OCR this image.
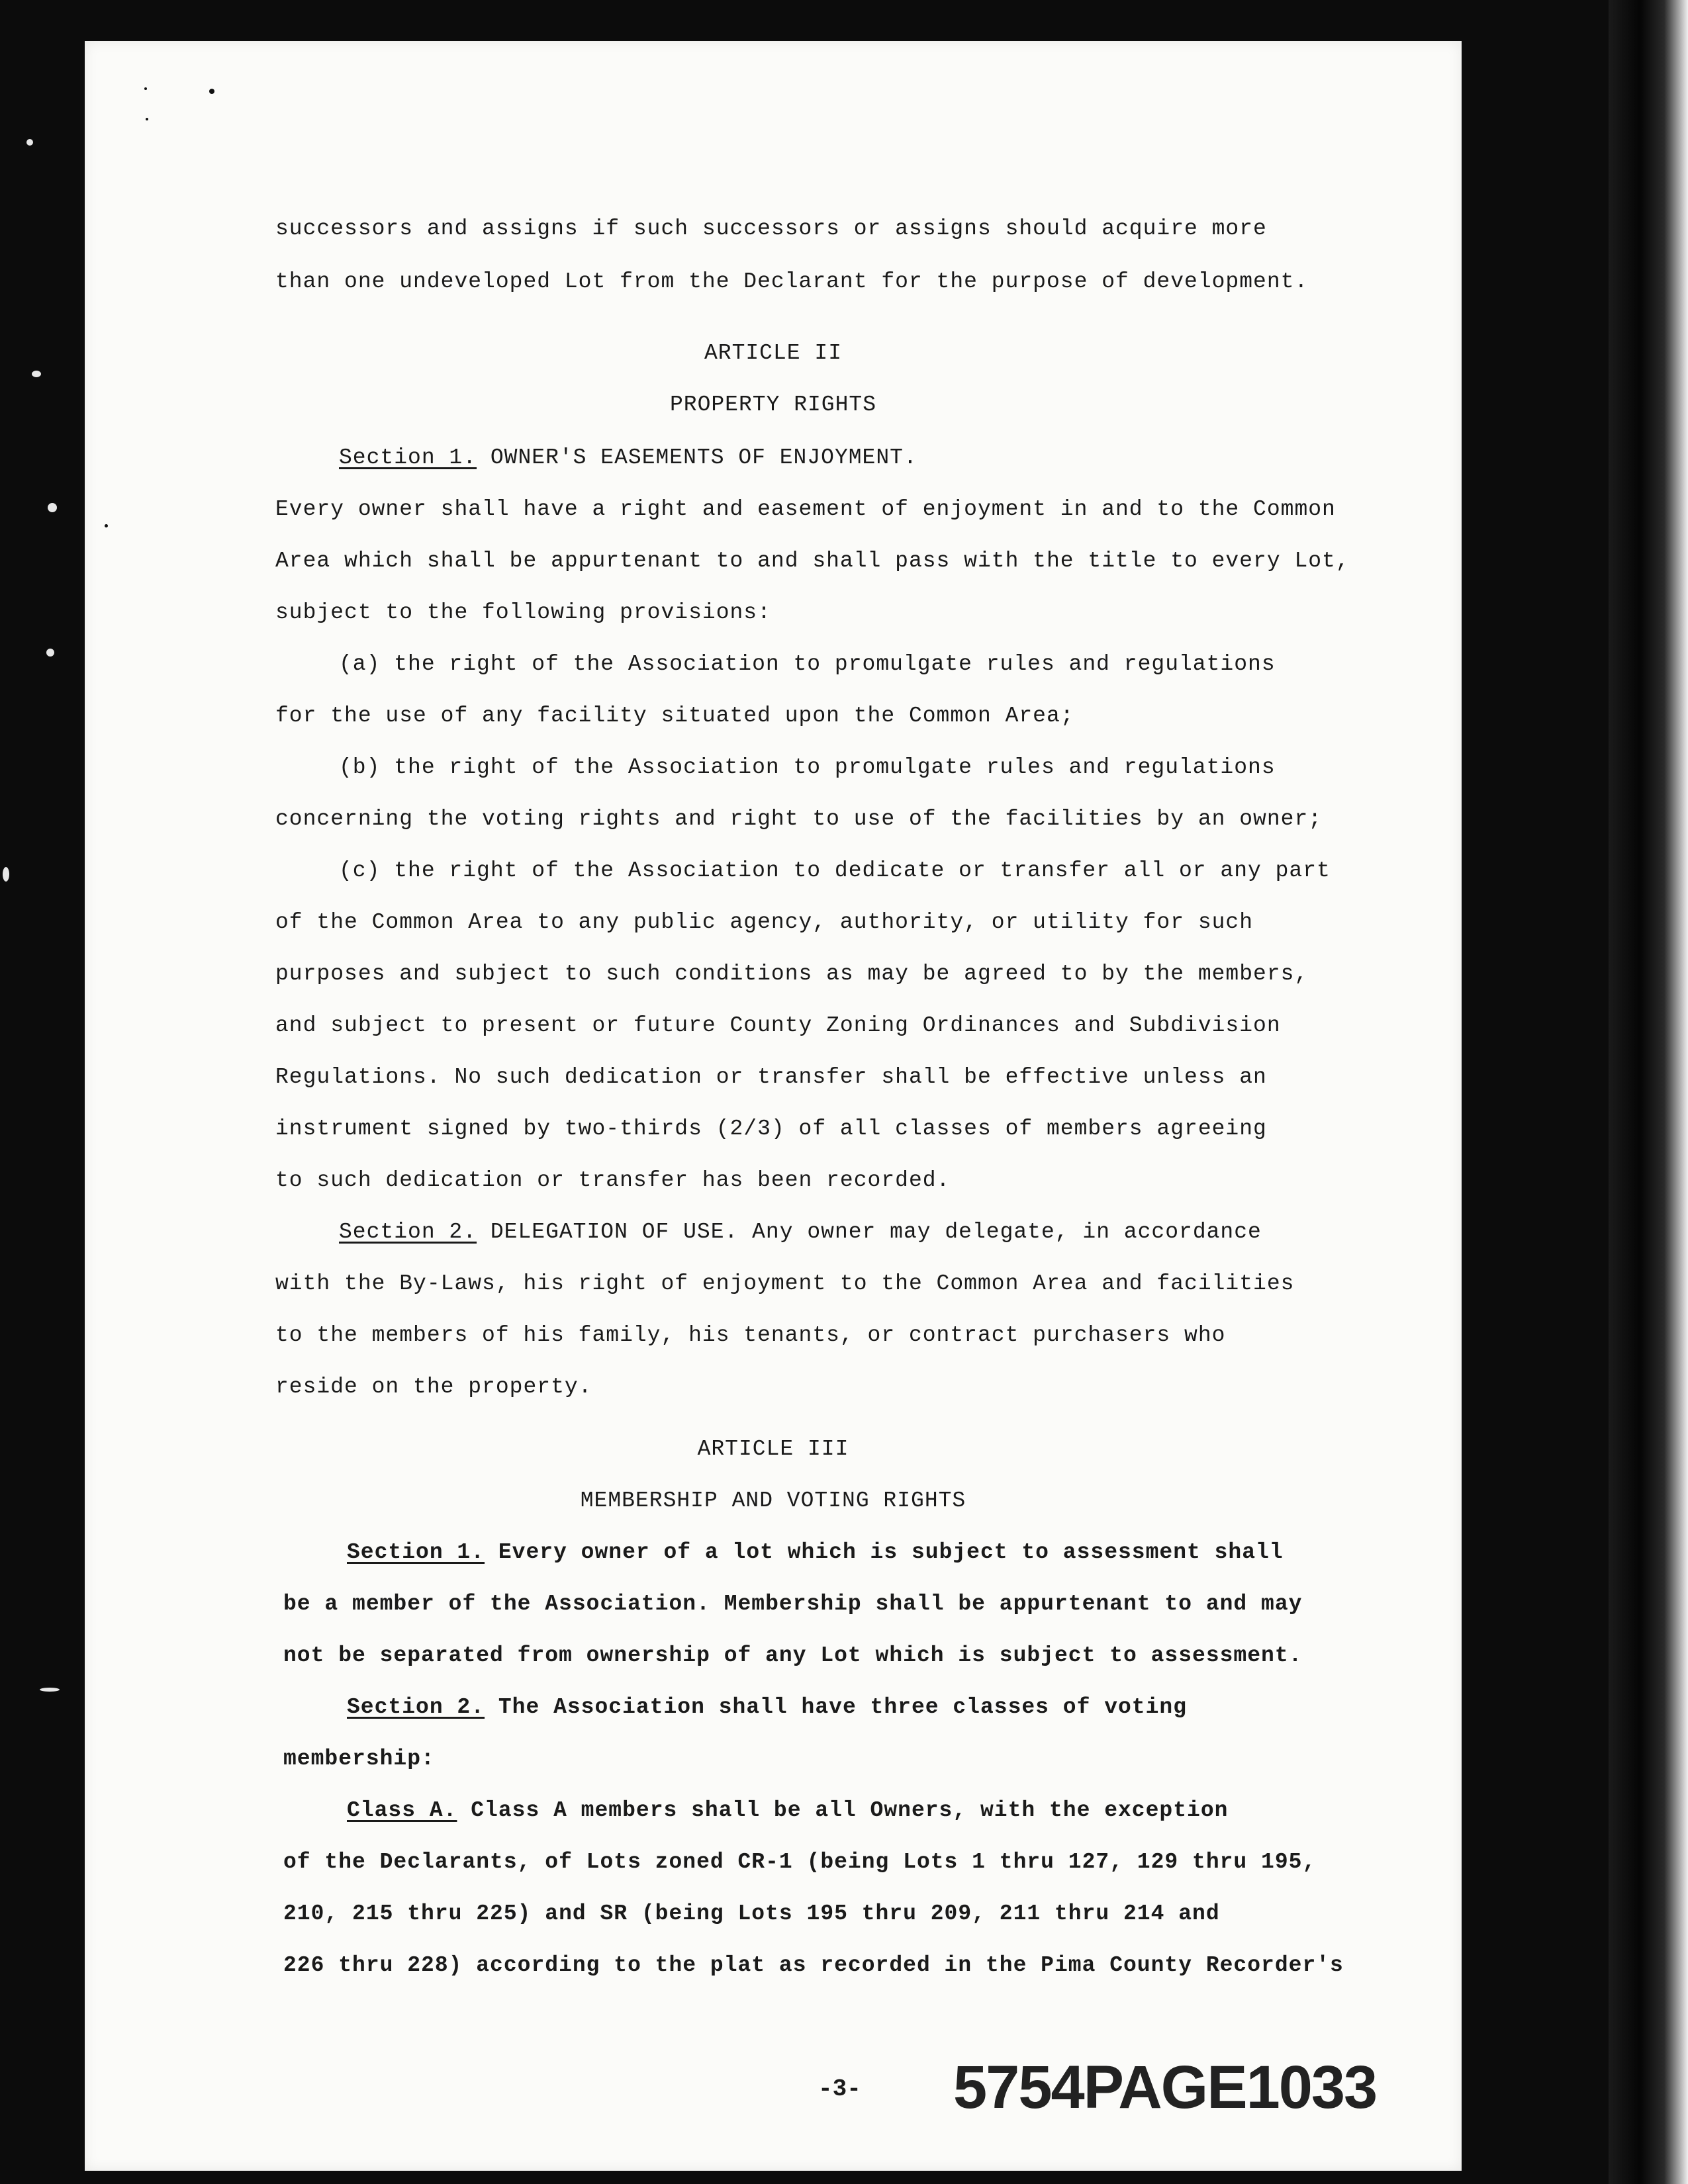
successors and assigns if such successors or assigns should acquire more
than one undeveloped Lot from the Declarant for the purpose of development.
ARTICLE II
PROPERTY RIGHTS
Section 1. OWNER'S EASEMENTS OF ENJOYMENT.
Every owner shall have a right and easement of enjoyment in and to the Common
Area which shall be appurtenant to and shall pass with the title to every Lot,
subject to the following provisions:
(a) the right of the Association to promulgate rules and regulations
for the use of any facility situated upon the Common Area;
(b) the right of the Association to promulgate rules and regulations
concerning the voting rights and right to use of the facilities by an owner;
(c) the right of the Association to dedicate or transfer all or any part
of the Common Area to any public agency, authority, or utility for such
purposes and subject to such conditions as may be agreed to by the members,
and subject to present or future County Zoning Ordinances and Subdivision
Regulations. No such dedication or transfer shall be effective unless an
instrument signed by two-thirds (2/3) of all classes of members agreeing
to such dedication or transfer has been recorded.
Section 2. DELEGATION OF USE. Any owner may delegate, in accordance
with the By-Laws, his right of enjoyment to the Common Area and facilities
to the members of his family, his tenants, or contract purchasers who
reside on the property.
ARTICLE III
MEMBERSHIP AND VOTING RIGHTS
Section 1. Every owner of a lot which is subject to assessment shall
be a member of the Association. Membership shall be appurtenant to and may
not be separated from ownership of any Lot which is subject to assessment.
Section 2. The Association shall have three classes of voting
membership:
Class A. Class A members shall be all Owners, with the exception
of the Declarants, of Lots zoned CR-1 (being Lots 1 thru 127, 129 thru 195,
210, 215 thru 225) and SR (being Lots 195 thru 209, 211 thru 214 and
226 thru 228) according to the plat as recorded in the Pima County Recorder's
-3- 5754PAGE1033
